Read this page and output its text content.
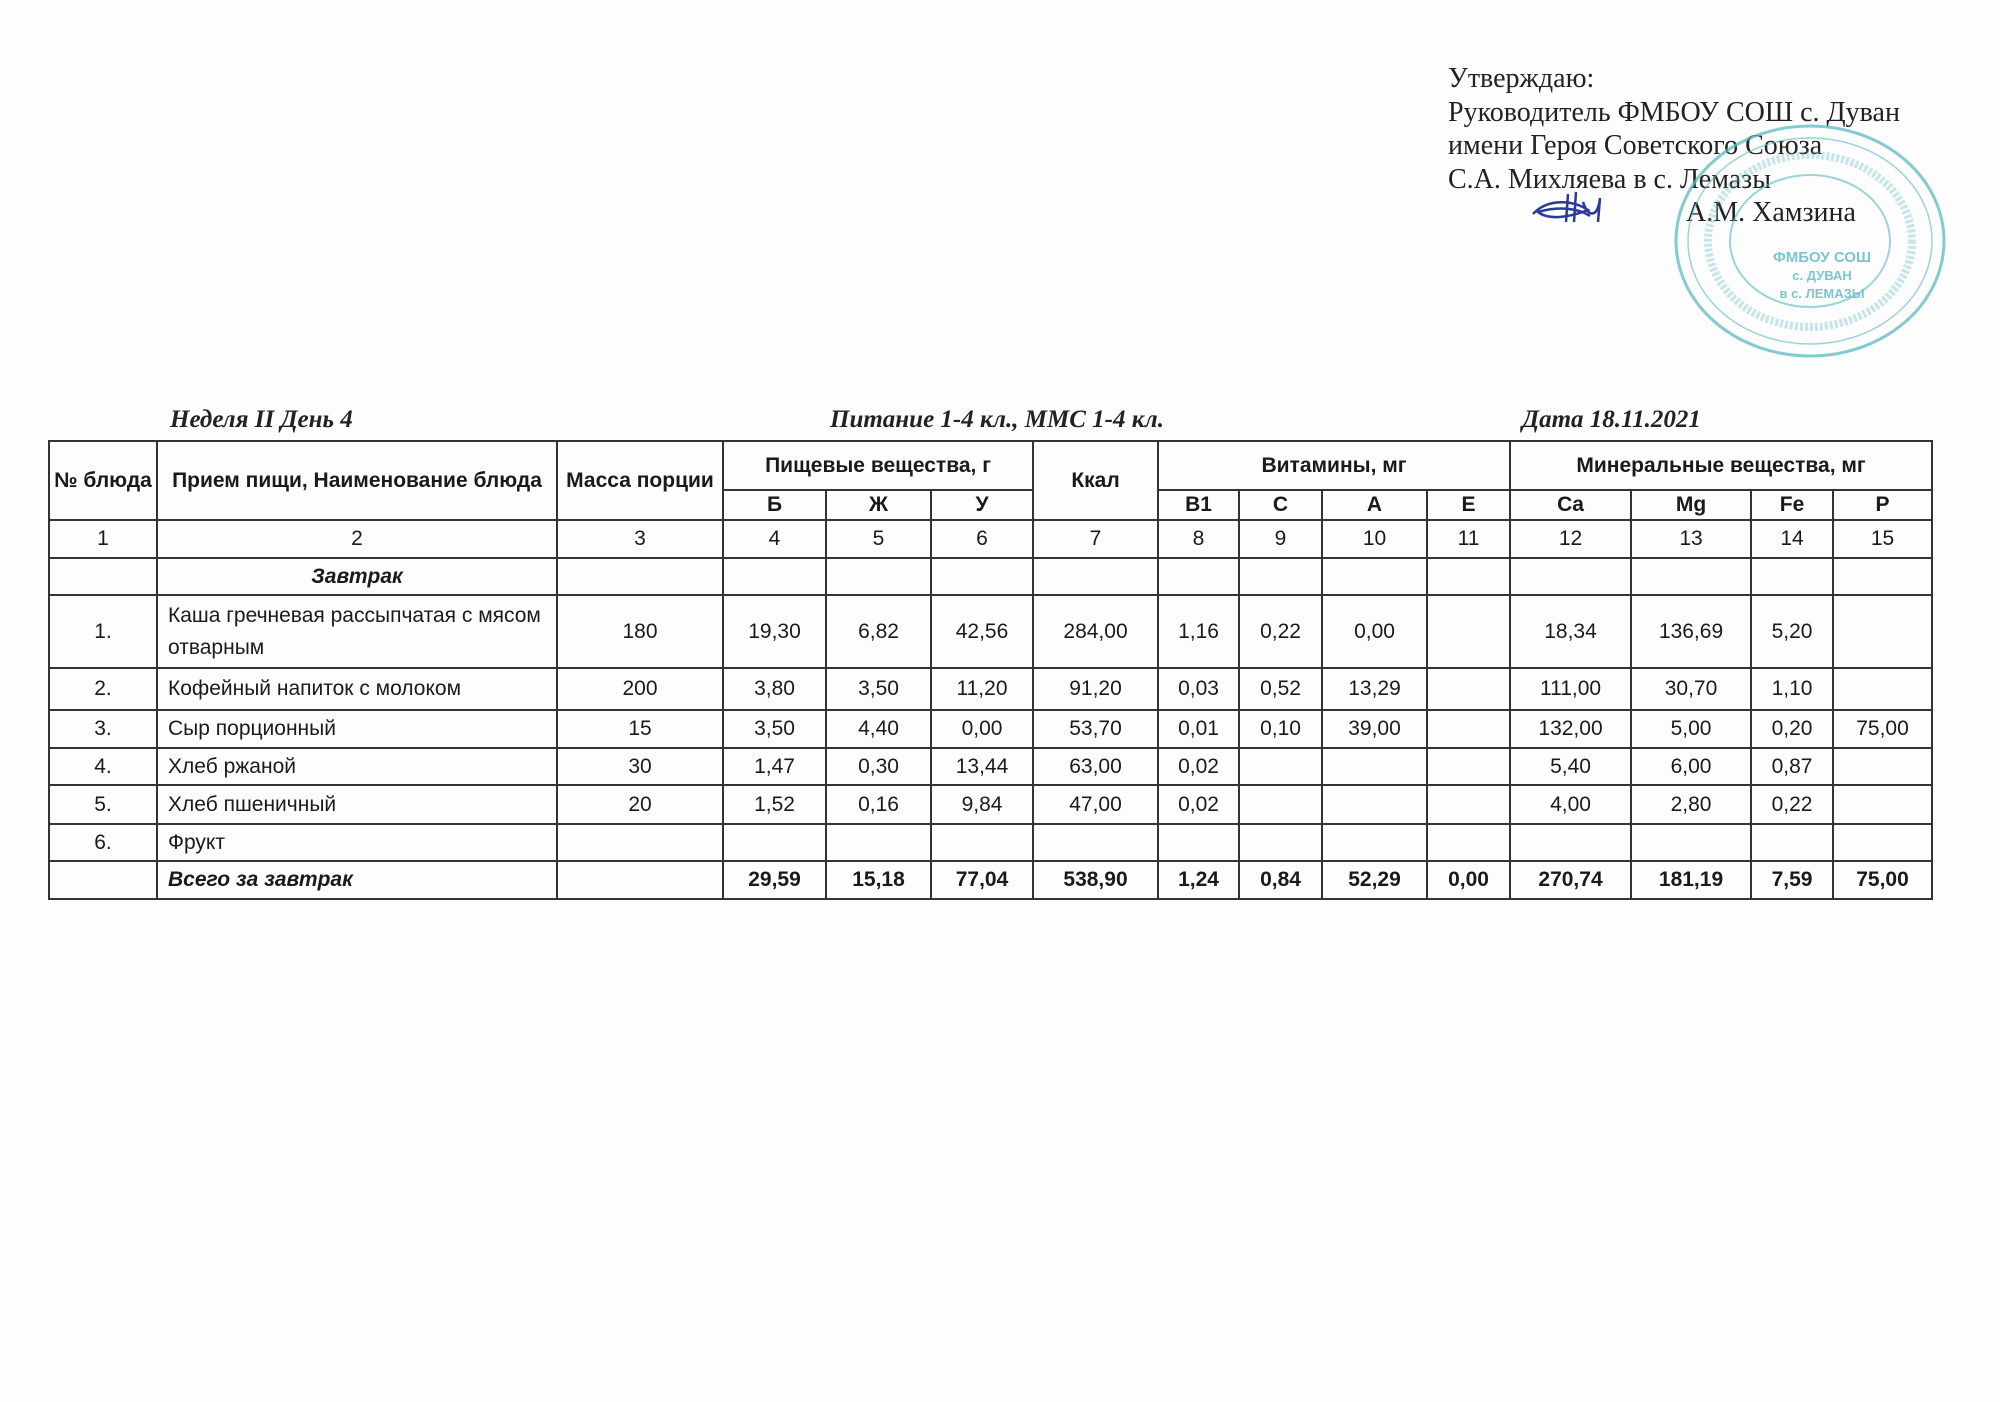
Утверждаю:
Руководитель ФМБОУ СОШ с. Дуван
имени Героя Советского Союза
С.А. Михляева в с. Лемазы
А.М. Хамзина
ФМБОУ СОШ
с. ДУВАН
в с. ЛЕМАЗЫ
Неделя II День 4	Питание 1-4 кл., ММС 1-4 кл.	Дата 18.11.2021
№ блюда	Прием пищи, Наименование блюда	Масса порции	Пищевые вещества, г			Ккал	Витамины, мг				Минеральные вещества, мг			
			Б	Ж	У		B1	C	A	E	Ca	Mg	Fe	P
1	2	3	4	5	6	7	8	9	10	11	12	13	14	15
	Завтрак													
1.	Каша гречневая рассыпчатая с мясом отварным	180	19,30	6,82	42,56	284,00	1,16	0,22	0,00		18,34	136,69	5,20	
2.	Кофейный напиток с молоком	200	3,80	3,50	11,20	91,20	0,03	0,52	13,29		111,00	30,70	1,10	
3.	Сыр порционный	15	3,50	4,40	0,00	53,70	0,01	0,10	39,00		132,00	5,00	0,20	75,00
4.	Хлеб ржаной	30	1,47	0,30	13,44	63,00	0,02				5,40	6,00	0,87	
5.	Хлеб пшеничный	20	1,52	0,16	9,84	47,00	0,02				4,00	2,80	0,22	
6.	Фрукт													
	Всего за завтрак		29,59	15,18	77,04	538,90	1,24	0,84	52,29	0,00	270,74	181,19	7,59	75,00
